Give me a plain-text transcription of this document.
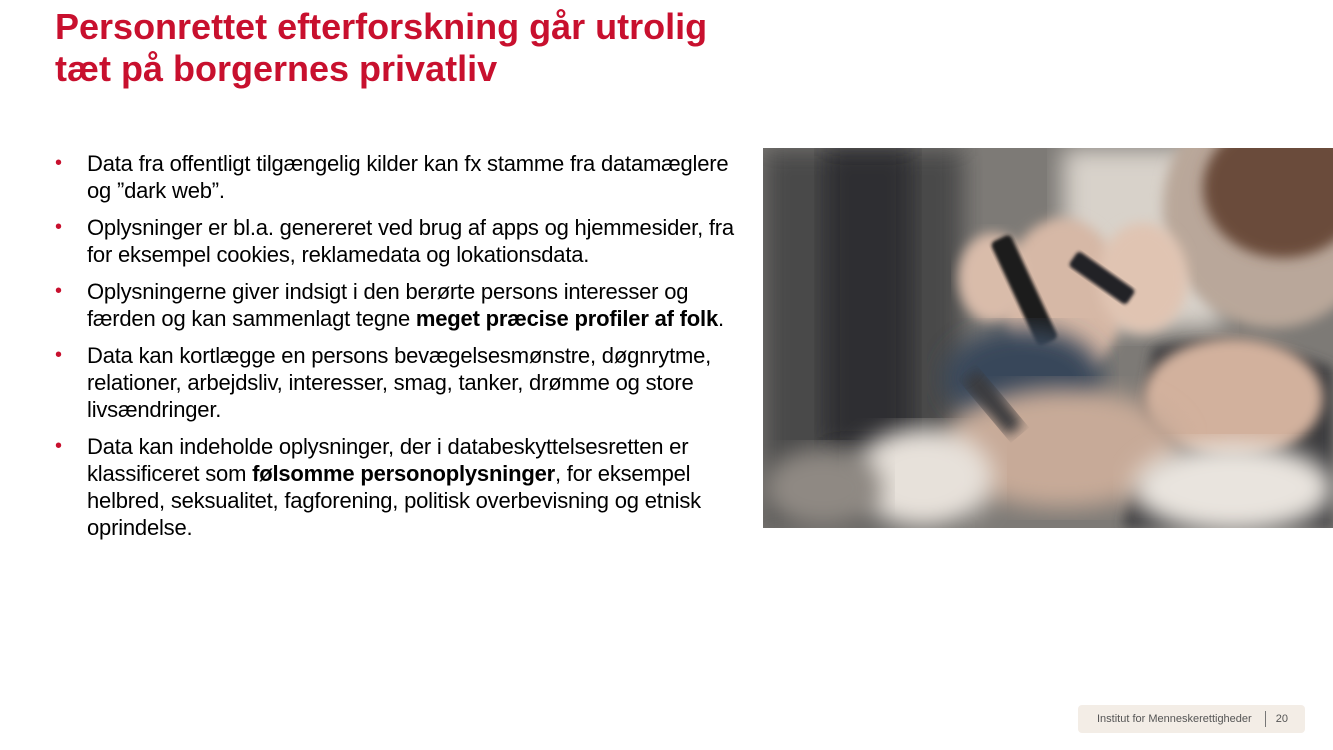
Personrettet efterforskning går utrolig
tæt på borgernes privatliv
• Data fra offentligt tilgængelig kilder kan fx stamme fra datamæglere og ”dark web”.
• Oplysninger er bl.a. genereret ved brug af apps og hjemmesider, fra for eksempel cookies, reklamedata og lokationsdata.
• Oplysningerne giver indsigt i den berørte persons interesser og færden og kan sammenlagt tegne meget præcise profiler af folk.
• Data kan kortlægge en persons bevægelsesmønstre, døgnrytme, relationer, arbejdsliv, interesser, smag, tanker, drømme og store livsændringer.
• Data kan indeholde oplysninger, der i databeskyttelsesretten er klassificeret som følsomme personoplysninger, for eksempel helbred, seksualitet, fagforening, politisk overbevisning og etnisk oprindelse.
Institut for Menneskerettigheder 20
